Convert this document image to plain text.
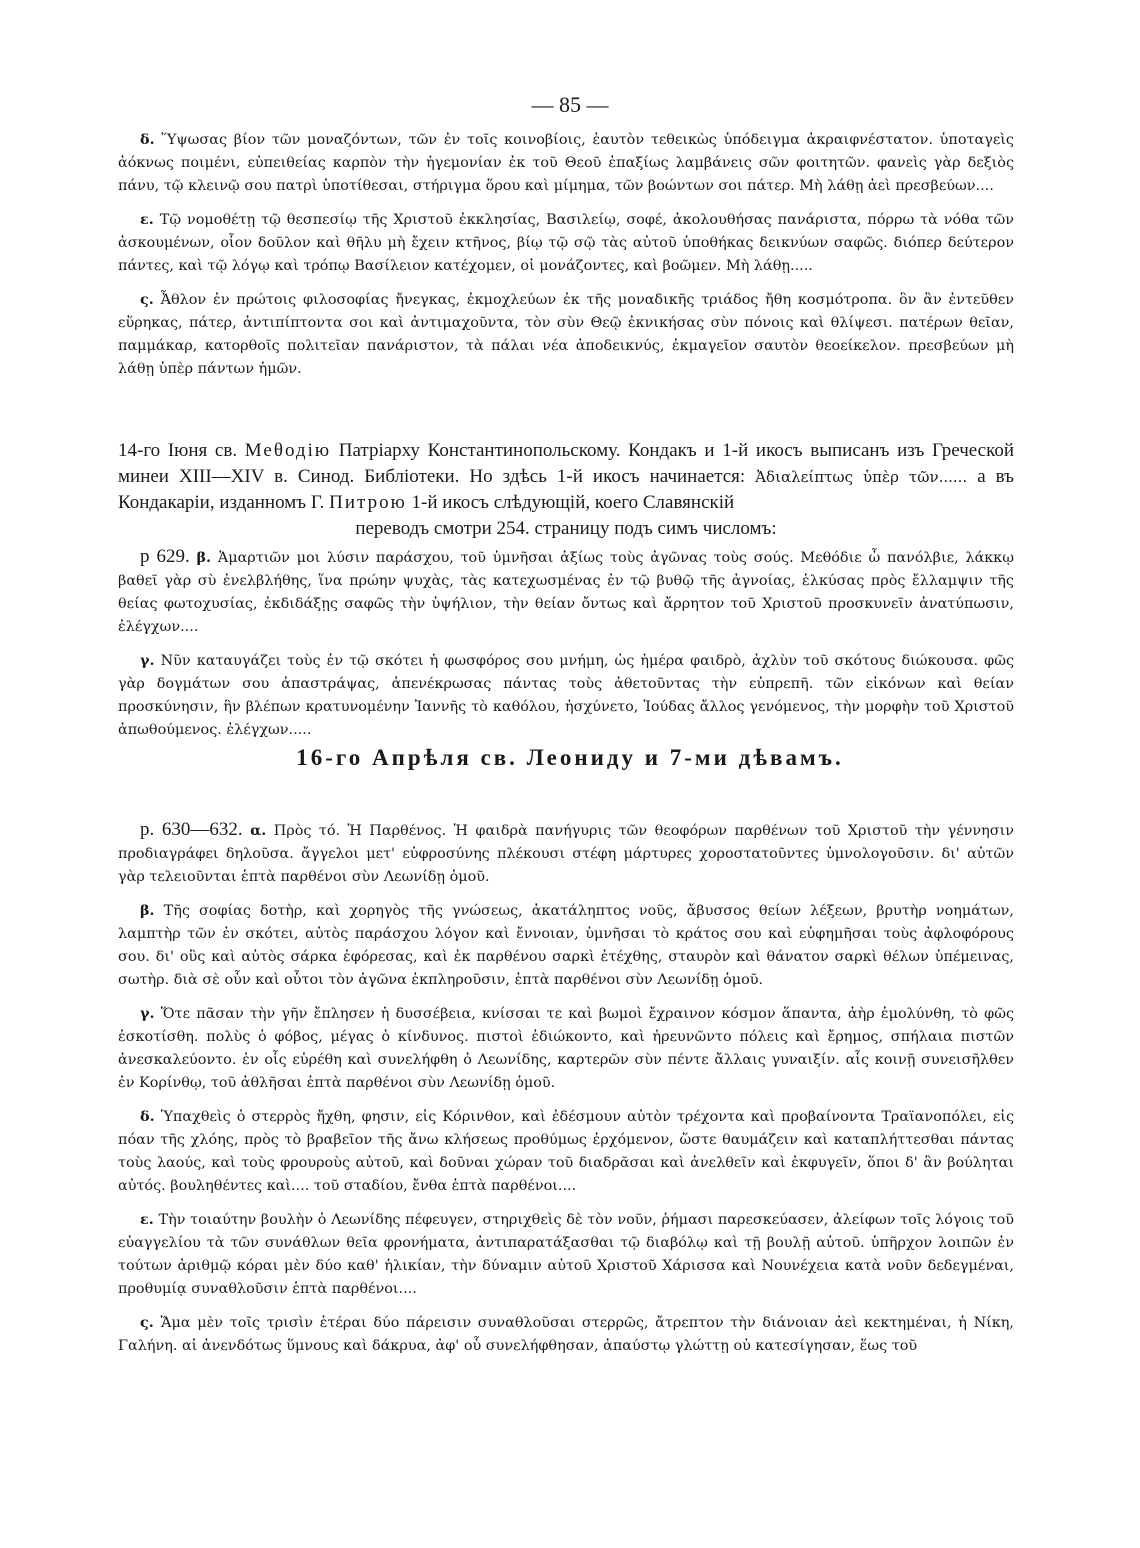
— 85 —

δ. Ὕψωσας βίον τῶν μοναζόντων, τῶν ἐν τοῖς κοινοβίοις, ἑαυτὸν τεθεικὼς ὑπόδειγμα ἀκραιφνέστατον. ὑποταγεὶς ἀόκνως ποιμένι, εὐπειθείας καρπὸν τὴν ἡγεμονίαν ἐκ τοῦ Θεοῦ ἐπαξίως λαμβάνεις σῶν φοιτητῶν. φανεὶς γὰρ δεξιὸς πάνυ, τῷ κλεινῷ σου πατρὶ ὑποτίθεσαι, στήριγμα ὅρου καὶ μίμημα, τῶν βοώντων σοι πάτερ. Μὴ λάθῃ ἀεὶ πρεσβεύων....

ε. Τῷ νομοθέτῃ τῷ θεσπεσίῳ τῆς Χριστοῦ ἐκκλησίας, Βασιλείῳ, σοφέ, ἀκολουθήσας πανάριστα, πόρρω τὰ νόθα τῶν ἀσκουμένων, οἷον δοῦλον καὶ θῆλυ μὴ ἔχειν κτῆνος, βίῳ τῷ σῷ τὰς αὐτοῦ ὑποθήκας δεικνύων σαφῶς. διόπερ δεύτερον πάντες, καὶ τῷ λόγῳ καὶ τρόπῳ Βασίλειον κατέχομεν, οἱ μονάζοντες, καὶ βοῶμεν. Μὴ λάθῃ.....

ς. Ἆθλον ἐν πρώτοις φιλοσοφίας ἤνεγκας, ἐκμοχλεύων ἐκ τῆς μοναδικῆς τριάδος ἤθη κοσμότροπα. ὃν ἂν ἐντεῦθεν εὕρηκας, πάτερ, ἀντιπίπτοντα σοι καὶ ἀντιμαχοῦντα, τὸν σὺν Θεῷ ἐκνικήσας σὺν πόνοις καὶ θλίψεσι. πατέρων θεῖαν, παμμάκαρ, κατορθοῖς πολιτεῖαν πανάριστον, τὰ πάλαι νέα ἀποδεικνύς, ἐκμαγεῖον σαυτὸν θεοείκελον. πρεσβεύων μὴ λάθῃ ὑπὲρ πάντων ἡμῶν.

14-го Іюня св. Меθодію Патріарху Константинопольскому. Кондакъ и 1-й икосъ выписанъ изъ Греческой минеи XIII—XIV в. Синод. Библіотеки. Но здѣсь 1-й икосъ начинается: Ἀδιαλείπτως ὑπὲρ τῶν...... а въ Кондакаріи, изданномъ Г. Питрою 1-й икосъ слѣдующій, коего Славянскій
переводъ смотри 254. страницу подъ симъ числомъ:

p 629. β. Ἁμαρτιῶν μοι λύσιν παράσχου, τοῦ ὑμνῆσαι ἀξίως τοὺς ἀγῶνας τοὺς σούς. Μεθόδιε ὦ πανόλβιε, λάκκῳ βαθεῖ γὰρ σὺ ἐνελβλήθης, ἵνα πρώην ψυχὰς, τὰς κατεχωσμένας ἐν τῷ βυθῷ τῆς ἀγνοίας, ἑλκύσας πρὸς ἔλλαμψιν τῆς θείας φωτοχυσίας, ἐκδιδάξῃς σαφῶς τὴν ὑψήλιον, τὴν θείαν ὄντως καὶ ἄρρητον τοῦ Χριστοῦ προσκυνεῖν ἀνατύπωσιν, ἐλέγχων....

γ. Νῦν καταυγάζει τοὺς ἐν τῷ σκότει ἡ φωσφόρος σου μνήμη, ὡς ἡμέρα φαιδρὸ, ἀχλὺν τοῦ σκότους διώκουσα. φῶς γὰρ δογμάτων σου ἀπαστράψας, ἀπενέκρωσας πάντας τοὺς ἀθετοῦντας τὴν εὐπρεπῆ. τῶν εἰκόνων καὶ θείαν προσκύνησιν, ἣν βλέπων κρατυνομένην Ἰαννῆς τὸ καθόλου, ἠσχύνετο, Ἰούδας ἄλλος γενόμενος, τὴν μορφὴν τοῦ Χριστοῦ ἀπωθούμενος. ἐλέγχων.....

16-го Апрѣля св. Леониду и 7-ми дѣвамъ.

p. 630—632. α. Πρὸς τό. Ἡ Παρθένος. Ἡ φαιδρὰ πανήγυρις τῶν θεοφόρων παρθένων τοῦ Χριστοῦ τὴν γέννησιν προδιαγράφει δηλοῦσα. ἄγγελοι μετ' εὐφροσύνης πλέκουσι στέφη μάρτυρες χοροστατοῦντες ὑμνολογοῦσιν. δι' αὐτῶν γὰρ τελειοῦνται ἑπτὰ παρθένοι σὺν Λεωνίδῃ ὁμοῦ.

β. Τῆς σοφίας δοτὴρ, καὶ χορηγὸς τῆς γνώσεως, ἀκατάληπτος νοῦς, ἄβυσσος θείων λέξεων, βρυτὴρ νοημάτων, λαμπτὴρ τῶν ἐν σκότει, αὐτὸς παράσχου λόγον καὶ ἔννοιαν, ὑμνῆσαι τὸ κράτος σου καὶ εὐφημῆσαι τοὺς ἀφλοφόρους σου. δι' οὓς καὶ αὐτὸς σάρκα ἐφόρεσας, καὶ ἐκ παρθένου σαρκὶ ἐτέχθης, σταυρὸν καὶ θάνατον σαρκὶ θέλων ὑπέμεινας, σωτὴρ. διὰ σὲ οὖν καὶ οὗτοι τὸν ἀγῶνα ἐκπληροῦσιν, ἑπτὰ παρθένοι σὺν Λεωνίδῃ ὁμοῦ.

γ. Ὅτε πᾶσαν τὴν γῆν ἔπλησεν ἡ δυσσέβεια, κνίσσαι τε καὶ βωμοὶ ἔχραινον κόσμον ἅπαντα, ἀὴρ ἐμολύνθη, τὸ φῶς ἐσκοτίσθη. πολὺς ὁ φόβος, μέγας ὁ κίνδυνος. πιστοὶ ἐδιώκοντο, καὶ ἠρευνῶντο πόλεις καὶ ἔρημος, σπήλαια πιστῶν ἀνεσκαλεύοντο. ἐν οἷς εὑρέθη καὶ συνελήφθη ὁ Λεωνίδης, καρτερῶν σὺν πέντε ἄλλαις γυναιξίν. αἷς κοινῇ συνεισῆλθεν ἐν Κορίνθῳ, τοῦ ἀθλῆσαι ἑπτὰ παρθένοι σὺν Λεωνίδῃ ὁμοῦ.

δ. Ὑπαχθεὶς ὁ στερρὸς ἤχθη, φησιν, εἰς Κόρινθον, καὶ ἐδέσμουν αὐτὸν τρέχοντα καὶ προβαίνοντα Τραϊανοπόλει, εἰς πόαν τῆς χλόης, πρὸς τὸ βραβεῖον τῆς ἄνω κλήσεως προθύμως ἐρχόμενον, ὥστε θαυμάζειν καὶ καταπλήττεσθαι πάντας τοὺς λαούς, καὶ τοὺς φρουροὺς αὐτοῦ, καὶ δοῦναι χώραν τοῦ διαδρᾶσαι καὶ ἀνελθεῖν καὶ ἐκφυγεῖν, ὅποι δ' ἂν βούληται αὐτός. βουληθέντες καὶ.... τοῦ σταδίου, ἔνθα ἑπτὰ παρθένοι....

ε. Τὴν τοιαύτην βουλὴν ὁ Λεωνίδης πέφευγεν, στηριχθεὶς δὲ τὸν νοῦν, ῥήμασι παρεσκεύασεν, ἀλείφων τοῖς λόγοις τοῦ εὐαγγελίου τὰ τῶν συνάθλων θεῖα φρονήματα, ἀντιπαρατάξασθαι τῷ διαβόλῳ καὶ τῇ βουλῇ αὐτοῦ. ὑπῆρχον λοιπῶν ἐν τούτων ἀριθμῷ κόραι μὲν δύο καθ' ἡλικίαν, τὴν δύναμιν αὐτοῦ Χριστοῦ Χάρισσα καὶ Νουνέχεια κατὰ νοῦν δεδεγμέναι, προθυμίᾳ συναθλοῦσιν ἑπτὰ παρθένοι....

ς. Ἅμα μὲν τοῖς τρισὶν ἑτέραι δύο πάρεισιν συναθλοῦσαι στερρῶς, ἄτρεπτον τὴν διάνοιαν ἀεὶ κεκτημέναι, ἡ Νίκη, Γαλήνη. αἱ ἀνενδότως ὕμνους καὶ δάκρυα, ἀφ' οὗ συνελήφθησαν, ἀπαύστῳ γλώττῃ οὐ κατεσίγησαν, ἕως τοῦ
